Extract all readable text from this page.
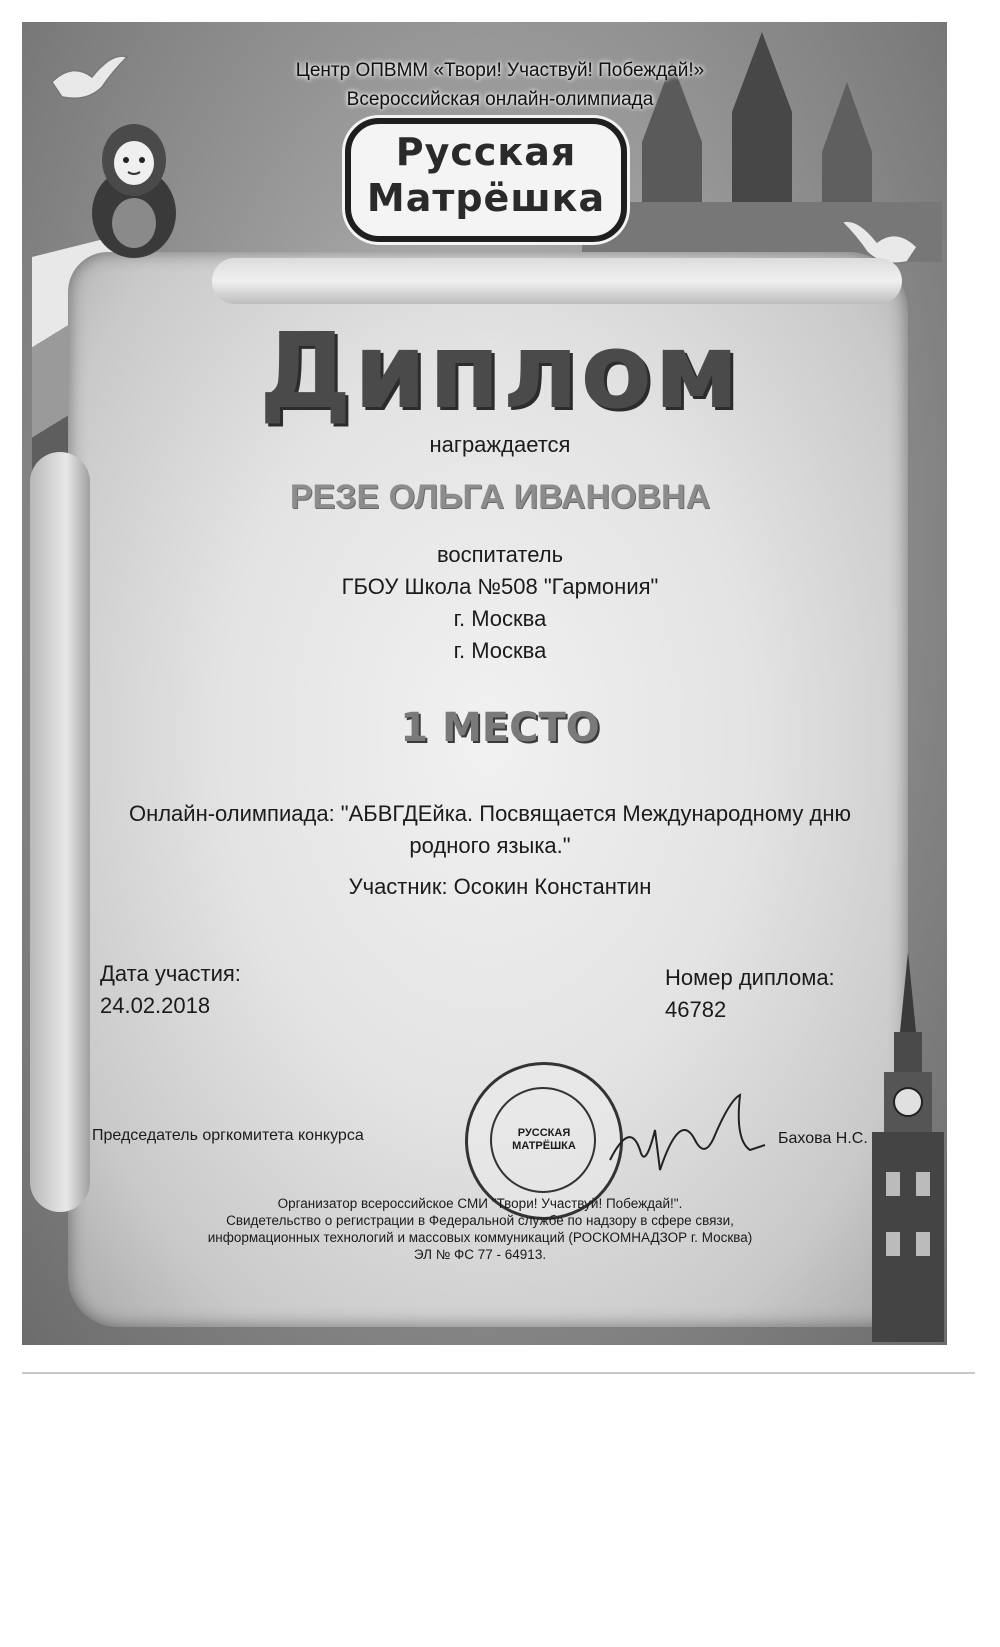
Центр ОПВММ «Твори! Участвуй! Побеждай!»
Всероссийская онлайн-олимпиада
Русская
Матрёшка
Диплом
награждается
РЕЗЕ ОЛЬГА ИВАНОВНА
воспитатель
ГБОУ Школа №508 "Гармония"
г. Москва
г. Москва
1 МЕСТО
Онлайн-олимпиада: "АБВГДЕйка. Посвящается Международному дню
родного языка."
Участник: Осокин Константин
Дата участия:
24.02.2018
Номер диплома:
46782
Председатель оргкомитета конкурса	РУССКАЯ
МАТРЁШКА	Бахова Н.С.
Организатор всероссийское СМИ "Твори! Участвуй! Побеждай!".
Свидетельство о регистрации в Федеральной службе по надзору в сфере связи,
информационных технологий и массовых коммуникаций (РОСКОМНАДЗОР г. Москва)
ЭЛ № ФС 77 - 64913.
